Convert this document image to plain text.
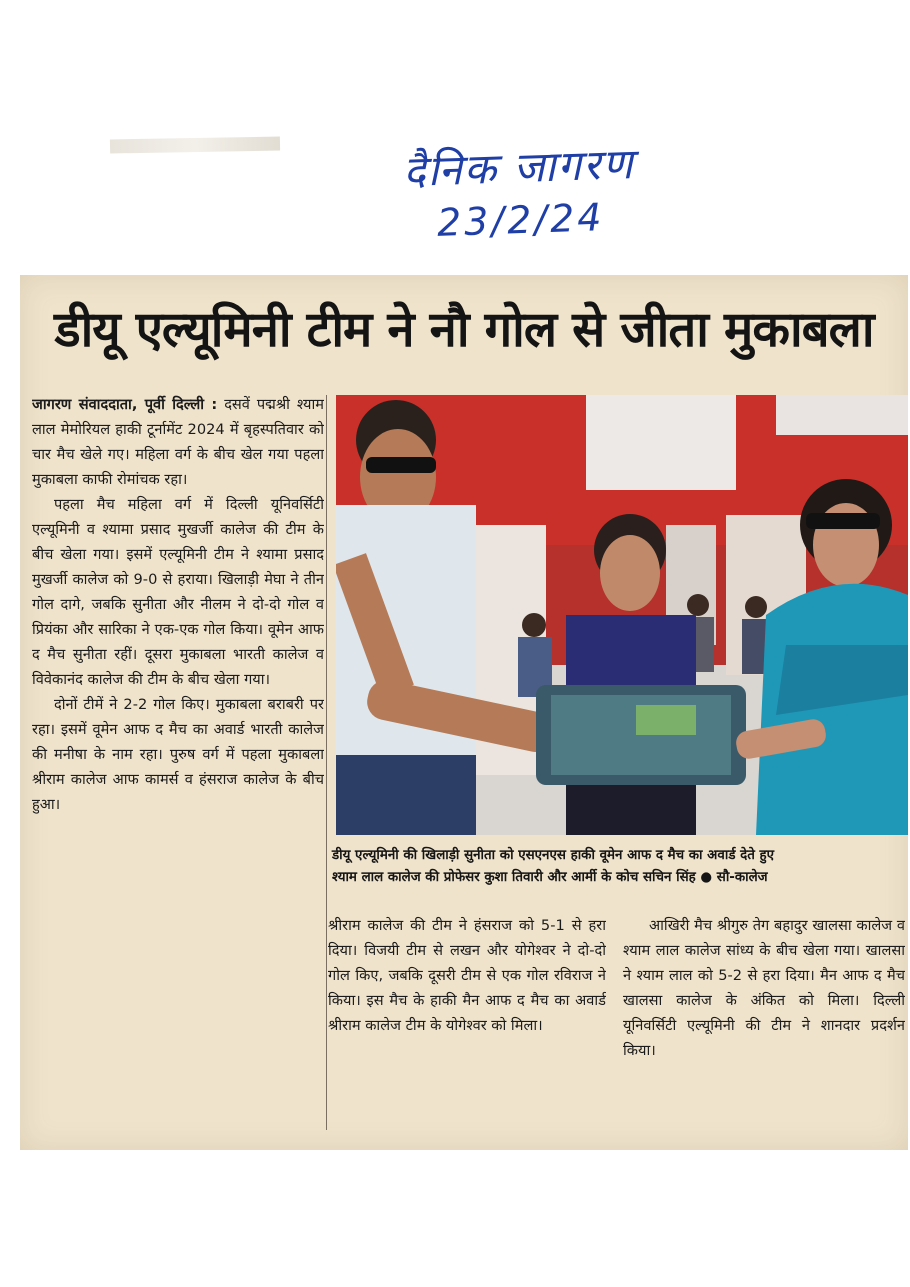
दैनिक जागरण
23/2/24
डीयू एल्यूमिनी टीम ने नौ गोल से जीता मुकाबला

जागरण संवाददाता, पूर्वी दिल्ली : दसवें पद्मश्री श्याम लाल मेमोरियल हाकी टूर्नामेंट 2024 में बृहस्पतिवार को चार मैच खेले गए। महिला वर्ग के बीच खेल गया पहला मुकाबला काफी रोमांचक रहा।

पहला मैच महिला वर्ग में दिल्ली यूनिवर्सिटी एल्यूमिनी व श्यामा प्रसाद मुखर्जी कालेज की टीम के बीच खेला गया। इसमें एल्यूमिनी टीम ने श्यामा प्रसाद मुखर्जी कालेज को 9-0 से हराया। खिलाड़ी मेघा ने तीन गोल दागे, जबकि सुनीता और नीलम ने दो-दो गोल व प्रियंका और सारिका ने एक-एक गोल किया। वूमेन आफ द मैच सुनीता रहीं। दूसरा मुकाबला भारती कालेज व विवेकानंद कालेज की टीम के बीच खेला गया।

दोनों टीमें ने 2-2 गोल किए। मुकाबला बराबरी पर रहा। इसमें वूमेन आफ द मैच का अवार्ड भारती कालेज की मनीषा के नाम रहा। पुरुष वर्ग में पहला मुकाबला श्रीराम कालेज आफ कामर्स व हंसराज कालेज के बीच हुआ।

डीयू एल्यूमिनी की खिलाड़ी सुनीता को एसएनएस हाकी वूमेन आफ द मैच का अवार्ड देते हुए
श्याम लाल कालेज की प्रोफेसर कुशा तिवारी और आर्मी के कोच सचिन सिंह ● सौ-कालेज

श्रीराम कालेज की टीम ने हंसराज को 5-1 से हरा दिया। विजयी टीम से लखन और योगेश्वर ने दो-दो गोल किए, जबकि दूसरी टीम से एक गोल रविराज ने किया। इस मैच के हाकी मैन आफ द मैच का अवार्ड श्रीराम कालेज टीम के योगेश्वर को मिला।

आखिरी मैच श्रीगुरु तेग बहादुर खालसा कालेज व श्याम लाल कालेज सांध्य के बीच खेला गया। खालसा ने श्याम लाल को 5-2 से हरा दिया। मैन आफ द मैच खालसा कालेज के अंकित को मिला। दिल्ली यूनिवर्सिटी एल्यूमिनी की टीम ने शानदार प्रदर्शन किया।
